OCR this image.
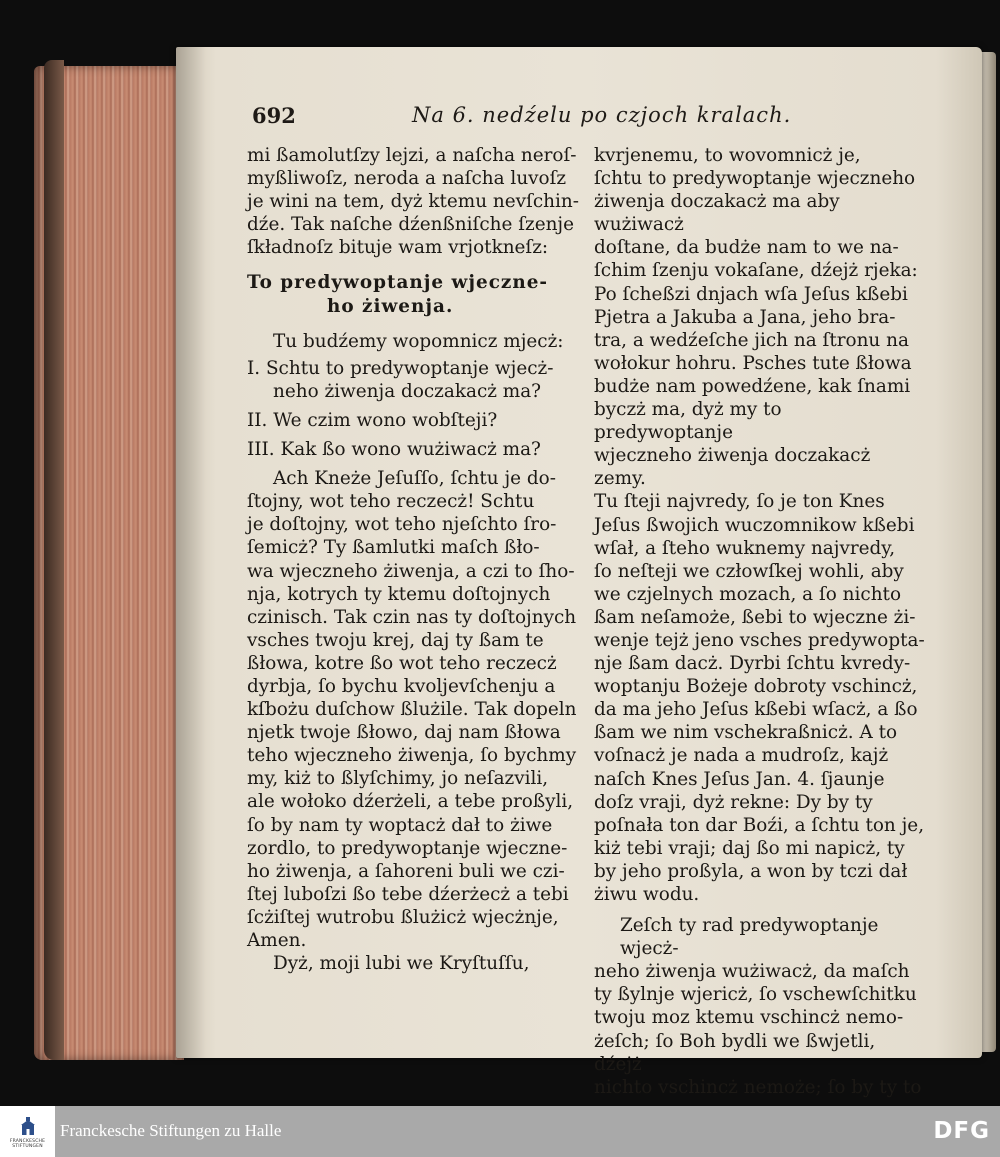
692	Na 6. nedźelu po czjoch kralach.

mi ßamolutſzy lejzi, a naſcha neroſ-

myßliwoſz, neroda a naſcha luvoſz

je wini na tem, dyż ktemu nevſchin-

dźe. Tak naſche dźenßniſche ſzenje

ſkładnoſz bituje wam vrjotkneſz:

To predywoptanje wjeczne-

ho żiwenja.

Tu budźemy wopomnicz mjecż:

I. Schtu to predywoptanje wjecż-

neho żiwenja doczakacż ma?

II. We czim wono wobſteji?

III. Kak ßo wono wużiwacż ma?

Ach Kneże Jeſuſſo, ſchtu je do-

ſtojny, wot teho reczecż! Schtu

je doſtojny, wot teho njeſchto ſro-

ſemicż? Ty ßamlutki maſch ßło-

wa wjeczneho żiwenja, a czi to ſho-

nja, kotrych ty ktemu doſtojnych

czinisch. Tak czin nas ty doſtojnych

vsches twoju krej, daj ty ßam te

ßłowa, kotre ßo wot teho reczecż

dyrbja, ſo bychu kvoljevſchenju a

kſbożu duſchow ßlużile. Tak dopeln

njetk twoje ßłowo, daj nam ßłowa

teho wjeczneho żiwenja, ſo bychmy

my, kiż to ßlyſchimy, jo neſazvili,

ale wołoko dźerżeli, a tebe proßyli,

ſo by nam ty woptacż dał to żiwe

zordlo, to predywoptanje wjeczne-

ho żiwenja, a ſahoreni buli we czi-

ſtej luboſzi ßo tebe dźerżecż a tebi

ſcżiſtej wutrobu ßlużicż wjecżnje,

Amen.

Dyż, moji lubi we Kryſtuſſu,

kvrjenemu, to wovomnicż je,

ſchtu to predywoptanje wjeczneho

żiwenja doczakacż ma aby wużiwacż

doſtane, da budże nam to we na-

ſchim ſzenju vokaſane, dźejż rjeka:

Po ſcheßzi dnjach wſa Jeſus kßebi

Pjetra a Jakuba a Jana, jeho bra-

tra, a wedźeſche jich na ſtronu na

wołokur hohru. Psches tute ßłowa

budże nam powedźene, kak ſnami

byczż ma, dyż my to predywoptanje

wjeczneho żiwenja doczakacż zemy.

Tu ſteji najvredy, ſo je ton Knes

Jeſus ßwojich wuczomnikow kßebi

wſał, a ſteho wuknemy najvredy,

ſo neſteji we człowſkej wohli, aby

we czjelnych mozach, a ſo nichto

ßam neſamoże, ßebi to wjeczne żi-

wenje tejż jeno vsches predywopta-

nje ßam dacż. Dyrbi ſchtu kvredy-

woptanju Bożeje dobroty vschincż,

da ma jeho Jeſus kßebi wſacż, a ßo

ßam we nim vschekraßnicż. A to

voſnacż je nada a mudroſz, kajż

naſch Knes Jeſus Jan. 4. ſjaunje

doſz vraji, dyż rekne: Dy by ty

poſnała ton dar Boźi, a ſchtu ton je,

kiż tebi vraji; daj ßo mi napicż, ty

by jeho proßyla, a won by tczi dał

żiwu wodu.

Zeſch ty rad predywoptanje wjecż-

neho żiwenja wużiwacż, da maſch

ty ßylnje wjericż, ſo vschewſchitku

twoju moz ktemu vschincż nemo-

żeſch; ſo Boh bydli we ßwjetli, dźejż

nichto vschincż nemoże; ſo by ty to

FRANCKESCHE STIFTUNGEN
Franckesche Stiftungen zu Halle	DFG
